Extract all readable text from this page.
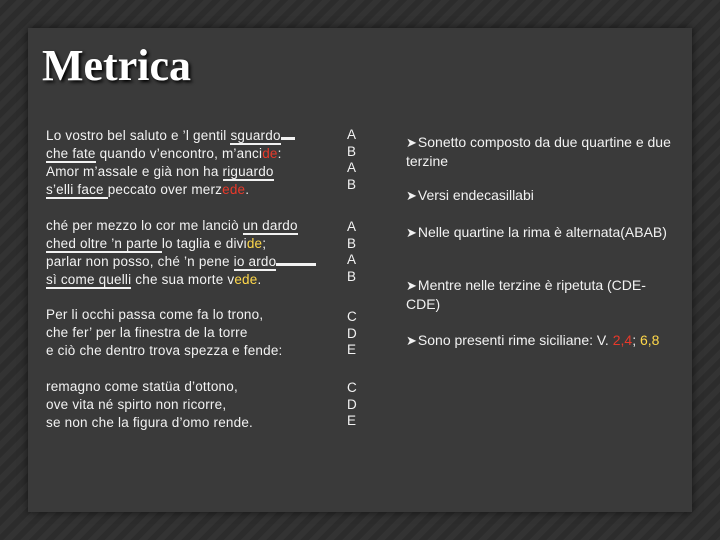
Metrica
Lo vostro bel saluto e ’l gentil sguardo
che fate quando v’encontro, m’ancide:
Amor m’assale e già non ha riguardo
s’elli face peccato over merzede.
ché per mezzo lo cor me lanciò un dardo
ched oltre ’n parte lo taglia e divide;
parlar non posso, ché ’n pene io ardo
sì come quelli che sua morte vede.
Per li occhi passa come fa lo trono,
che fer’ per la finestra de la torre
e ciò che dentro trova spezza e fende:
remagno come statüa d’ottono,
ove vita né spirto non ricorre,
se non che la figura d’omo rende.
A
B
A
B
A
B
A
B
C
D
E
C
D
E
➤Sonetto composto da due quartine e due terzine
➤Versi endecasillabi
➤Nelle quartine la rima è alternata(ABAB)
➤Mentre nelle terzine è ripetuta (CDE-CDE)
➤Sono presenti rime siciliane: V. 2,4; 6,8
